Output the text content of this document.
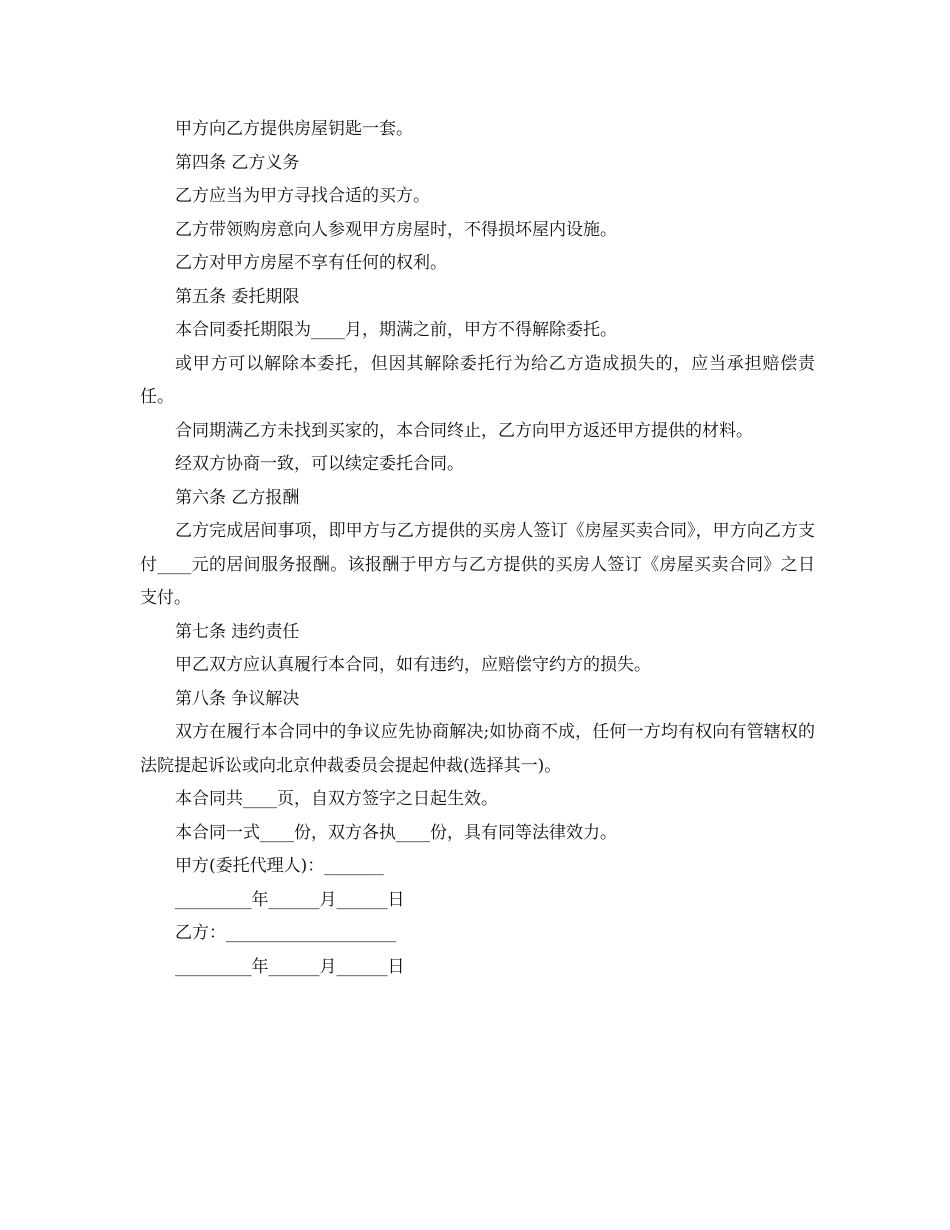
甲方向乙方提供房屋钥匙一套。

第四条 乙方义务

乙方应当为甲方寻找合适的买方。

乙方带领购房意向人参观甲方房屋时，不得损坏屋内设施。

乙方对甲方房屋不享有任何的权利。

第五条 委托期限

本合同委托期限为____月，期满之前，甲方不得解除委托。

或甲方可以解除本委托，但因其解除委托行为给乙方造成损失的，应当承担赔偿责任。

合同期满乙方未找到买家的，本合同终止，乙方向甲方返还甲方提供的材料。

经双方协商一致，可以续定委托合同。

第六条 乙方报酬

乙方完成居间事项，即甲方与乙方提供的买房人签订《房屋买卖合同》，甲方向乙方支付____元的居间服务报酬。该报酬于甲方与乙方提供的买房人签订《房屋买卖合同》之日支付。

第七条 违约责任

甲乙双方应认真履行本合同，如有违约，应赔偿守约方的损失。

第八条 争议解决

双方在履行本合同中的争议应先协商解决;如协商不成，任何一方均有权向有管辖权的法院提起诉讼或向北京仲裁委员会提起仲裁(选择其一)。

本合同共____页，自双方签字之日起生效。

本合同一式____份，双方各执____份，具有同等法律效力。

甲方(委托代理人)：_______

_________年______月______日

乙方：____________________

_________年______月______日
